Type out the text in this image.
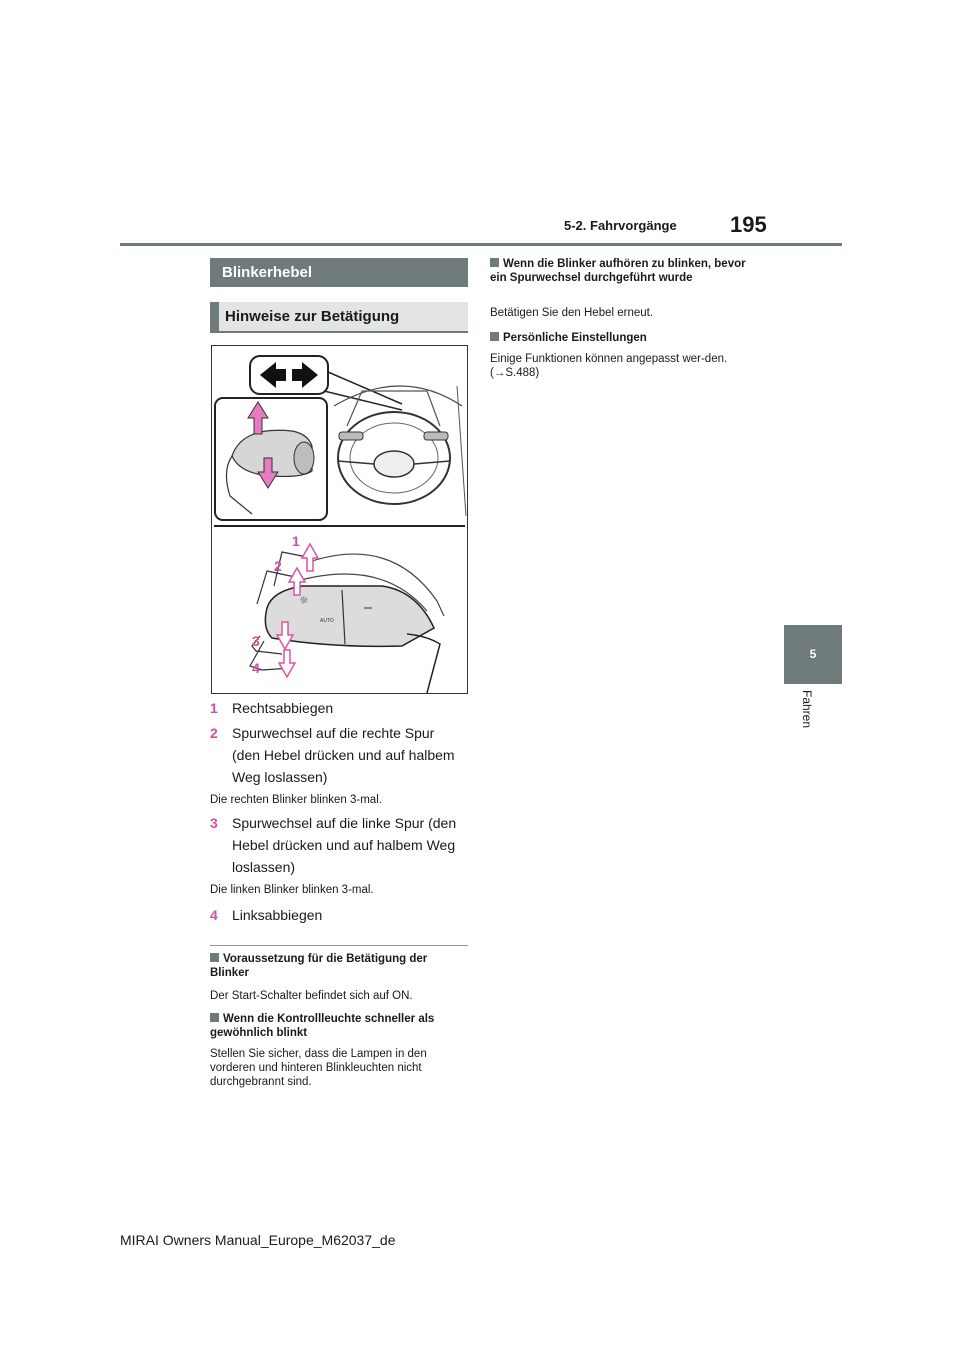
5-2. Fahrvorgänge 195
5
Fahren
Blinkerhebel
Hinweise zur Betätigung
☼
AUTO
1
2
3
4
1 Rechtsabbiegen
2 Spurwechsel auf die rechte Spur (den Hebel drücken und auf halbem Weg loslassen)
Die rechten Blinker blinken 3-mal.
3 Spurwechsel auf die linke Spur (den Hebel drücken und auf halbem Weg loslassen)
Die linken Blinker blinken 3-mal.
4 Linksabbiegen
Voraussetzung für die Betätigung der Blinker
Der Start-Schalter befindet sich auf ON.
Wenn die Kontrollleuchte schneller als gewöhnlich blinkt
Stellen Sie sicher, dass die Lampen in den vorderen und hinteren Blinkleuchten nicht durchgebrannt sind.
Wenn die Blinker aufhören zu blinken, bevor ein Spurwechsel durchgeführt wurde
Betätigen Sie den Hebel erneut.
Persönliche Einstellungen
Einige Funktionen können angepasst wer-den. (→S.488)
MIRAI Owners Manual_Europe_M62037_de
